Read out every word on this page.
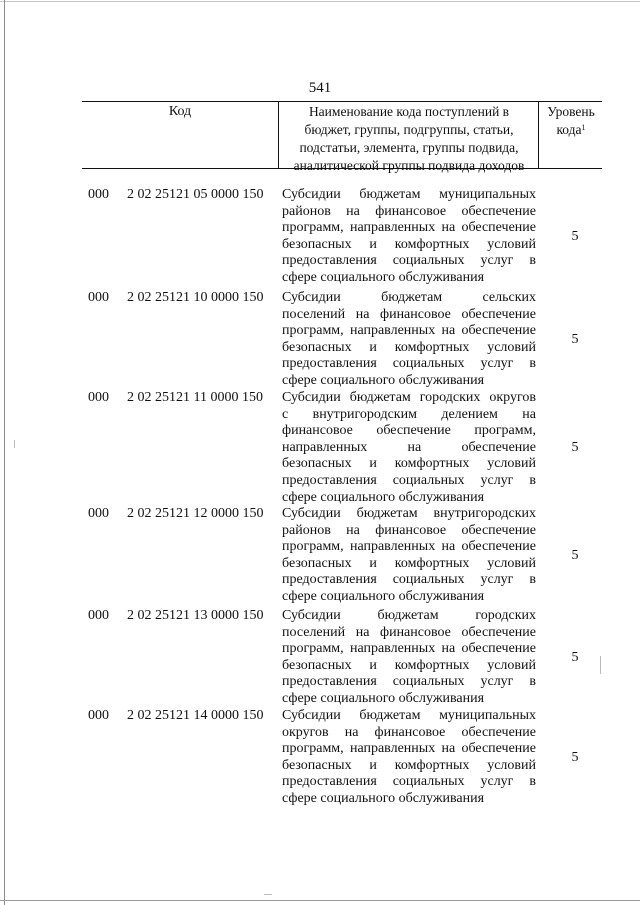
541
Код	Наименование кода поступлений в
бюджет, группы, подгруппы, статьи,
подстатьи, элемента, группы подвида,
аналитической группы подвида доходов
Уровень
кода$^1$
000 2 02 25121 05 0000 150 Субсидии бюджетам муниципальных
районов на финансовое обеспечение
программ, направленных на обеспечение
безопасных и комфортных условий
предоставления социальных услуг в
сфере социального обслуживания
5
000 2 02 25121 10 0000 150 Субсидии бюджетам сельских
поселений на финансовое обеспечение
программ, направленных на обеспечение
безопасных и комфортных условий
предоставления социальных услуг в
сфере социального обслуживания
5
000 2 02 25121 11 0000 150 Субсидии бюджетам городских округов
с внутригородским делением на
финансовое обеспечение программ,
направленных на обеспечение
безопасных и комфортных условий
предоставления социальных услуг в
сфере социального обслуживания
5
000 2 02 25121 12 0000 150 Субсидии бюджетам внутригородских
районов на финансовое обеспечение
программ, направленных на обеспечение
безопасных и комфортных условий
предоставления социальных услуг в
сфере социального обслуживания
5
000 2 02 25121 13 0000 150 Субсидии бюджетам городских
поселений на финансовое обеспечение
программ, направленных на обеспечение
безопасных и комфортных условий
предоставления социальных услуг в
сфере социального обслуживания
5
000 2 02 25121 14 0000 150 Субсидии бюджетам муниципальных
округов на финансовое обеспечение
программ, направленных на обеспечение
безопасных и комфортных условий
предоставления социальных услуг в
сфере социального обслуживания
5
